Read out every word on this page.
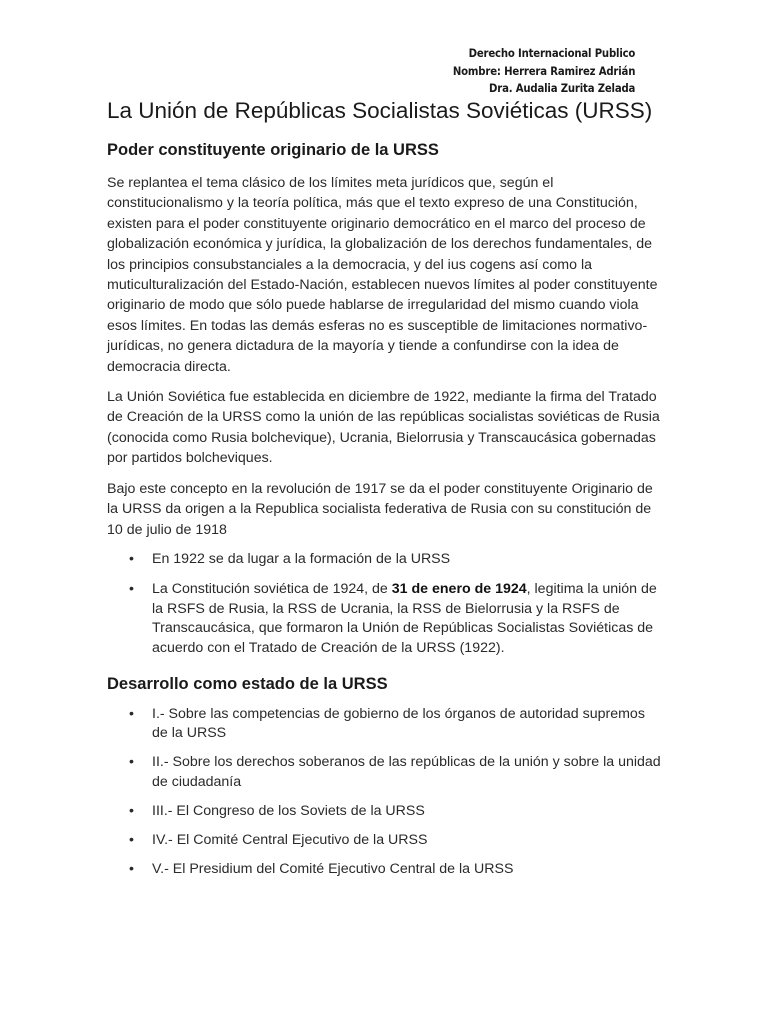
Derecho Internacional Publico
Nombre: Herrera Ramirez Adrián
Dra. Audalia Zurita Zelada
La Unión de Repúblicas Socialistas Soviéticas (URSS)
Poder constituyente originario de la URSS

Se replantea el tema clásico de los límites meta jurídicos que, según el constitucionalismo y la teoría política, más que el texto expreso de una Constitución, existen para el poder constituyente originario democrático en el marco del proceso de globalización económica y jurídica, la globalización de los derechos fundamentales, de los principios consubstanciales a la democracia, y del ius cogens así como la muticulturalización del Estado-Nación, establecen nuevos límites al poder constituyente originario de modo que sólo puede hablarse de irregularidad del mismo cuando viola esos límites. En todas las demás esferas no es susceptible de limitaciones normativo-jurídicas, no genera dictadura de la mayoría y tiende a confundirse con la idea de democracia directa.

La Unión Soviética fue establecida en diciembre de 1922, mediante la firma del Tratado de Creación de la URSS como la unión de las repúblicas socialistas soviéticas de Rusia (conocida como Rusia bolchevique), Ucrania, Bielorrusia y Transcaucásica gobernadas por partidos bolcheviques.

Bajo este concepto en la revolución de 1917 se da el poder constituyente Originario de la URSS da origen a la Republica socialista federativa de Rusia con su constitución de 10 de julio de 1918

• En 1922 se da lugar a la formación de la URSS
• La Constitución soviética de 1924, de 31 de enero de 1924, legitima la unión de la RSFS de Rusia, la RSS de Ucrania, la RSS de Bielorrusia y la RSFS de Transcaucásica, que formaron la Unión de Repúblicas Socialistas Soviéticas de acuerdo con el Tratado de Creación de la URSS (1922).
Desarrollo como estado de la URSS
• I.- Sobre las competencias de gobierno de los órganos de autoridad supremos de la URSS
• II.- Sobre los derechos soberanos de las repúblicas de la unión y sobre la unidad de ciudadanía
• III.- El Congreso de los Soviets de la URSS
• IV.- El Comité Central Ejecutivo de la URSS
• V.- El Presidium del Comité Ejecutivo Central de la URSS
